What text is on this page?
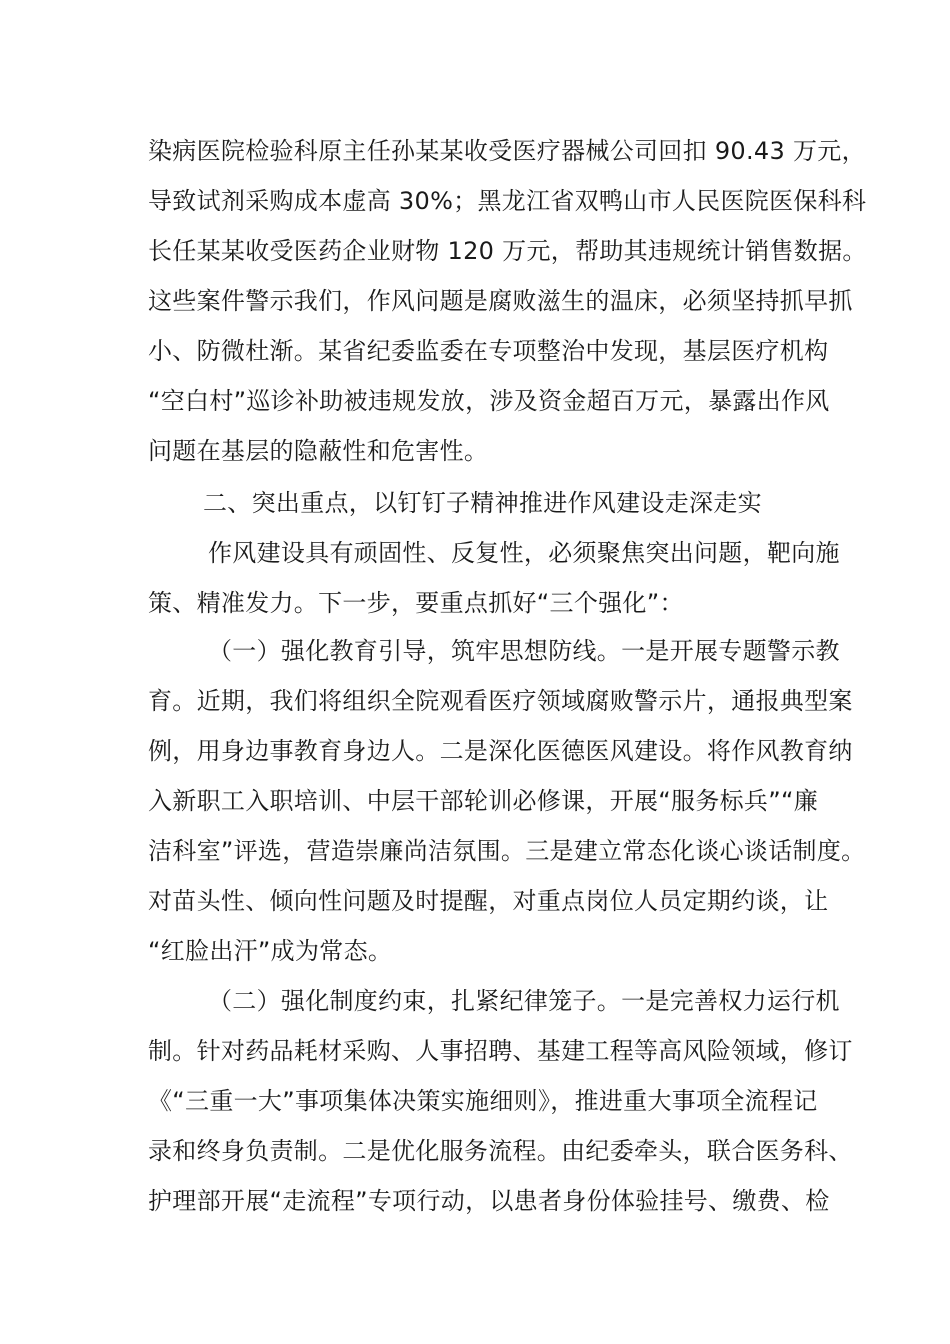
染病医院检验科原主任孙某某收受医疗器械公司回扣 90.43 万元，
导致试剂采购成本虚高 30%；黑龙江省双鸭山市人民医院医保科科
长任某某收受医药企业财物 120 万元，帮助其违规统计销售数据。
这些案件警示我们，作风问题是腐败滋生的温床，必须坚持抓早抓
小、防微杜渐。某省纪委监委在专项整治中发现，基层医疗机构
“空白村”巡诊补助被违规发放，涉及资金超百万元，暴露出作风
问题在基层的隐蔽性和危害性。
二、突出重点，以钉钉子精神推进作风建设走深走实
作风建设具有顽固性、反复性，必须聚焦突出问题，靶向施
策、精准发力。下一步，要重点抓好“三个强化”：
（一）强化教育引导，筑牢思想防线。一是开展专题警示教
育。近期，我们将组织全院观看医疗领域腐败警示片，通报典型案
例，用身边事教育身边人。二是深化医德医风建设。将作风教育纳
入新职工入职培训、中层干部轮训必修课，开展“服务标兵”“廉
洁科室”评选，营造崇廉尚洁氛围。三是建立常态化谈心谈话制度。
对苗头性、倾向性问题及时提醒，对重点岗位人员定期约谈，让
“红脸出汗”成为常态。
（二）强化制度约束，扎紧纪律笼子。一是完善权力运行机
制。针对药品耗材采购、人事招聘、基建工程等高风险领域，修订
《“三重一大”事项集体决策实施细则》，推进重大事项全流程记
录和终身负责制。二是优化服务流程。由纪委牵头，联合医务科、
护理部开展“走流程”专项行动，以患者身份体验挂号、缴费、检
